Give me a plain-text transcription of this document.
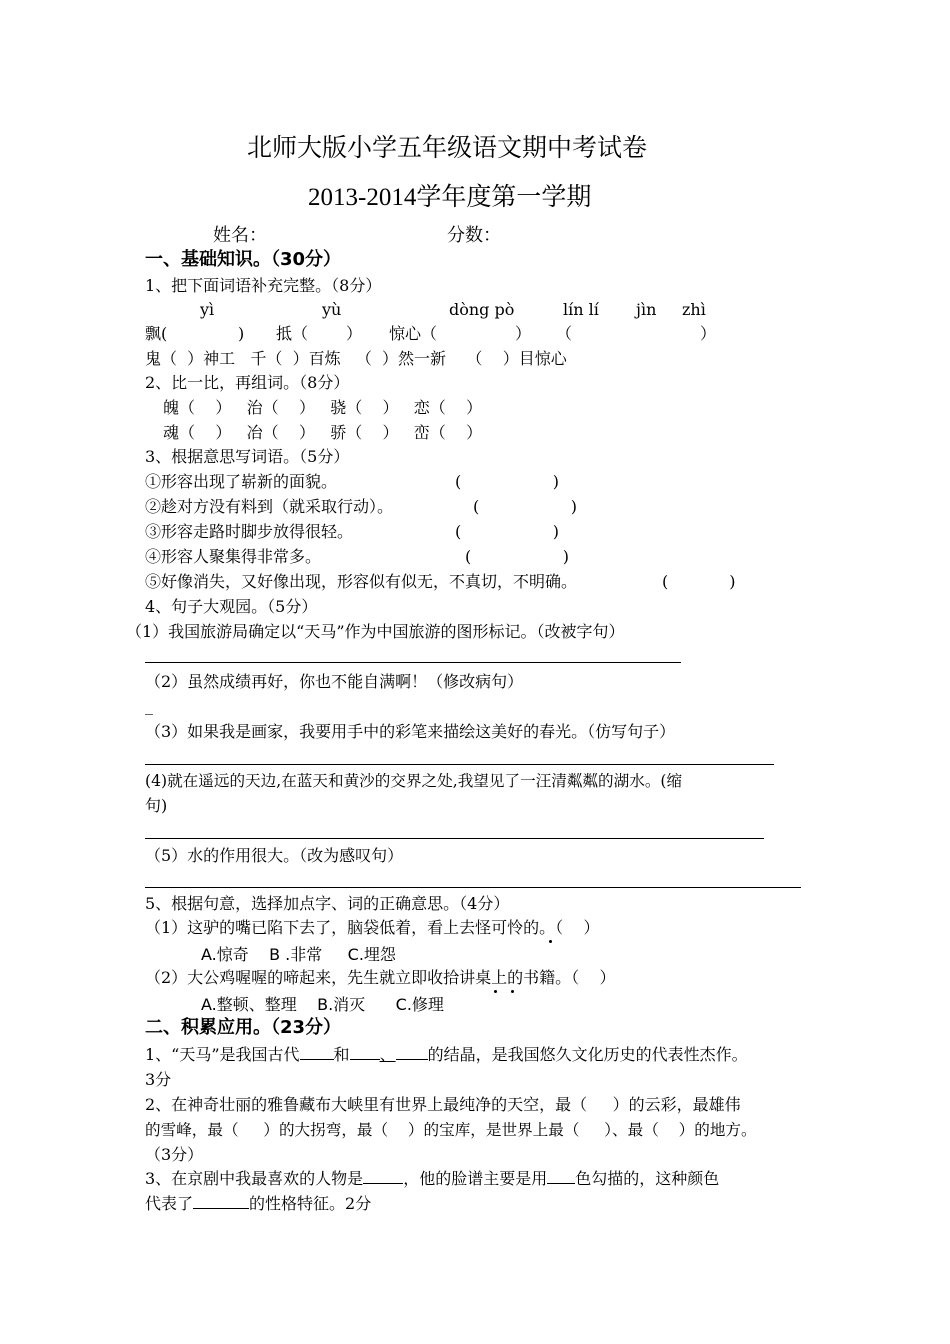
北师大版小学五年级语文期中考试卷
2013-2014学年度第一学期
姓名：	分数：
一、基础知识。（30分）
1、把下面词语补充完整。（8分）
yì	yù	dòng pò	lín lí jìn zhì
飘(	) 抵（ ） 惊心（	） （	）
鬼（  ）神工   千（  ）百炼   （  ）然一新    （    ）目惊心
2、比一比，再组词。（8分）
魄（    ）   治（    ）   骁（    ）   恋（    ）
魂（    ）   冶（    ）   骄（    ）   峦（    ）
3、根据意思写词语。（5分）
①形容出现了崭新的面貌。	(                  )
②趁对方没有料到（就采取行动）。	(                  )
③形容走路时脚步放得很轻。	(                  )
④形容人聚集得非常多。	(                  )
⑤好像消失，又好像出现，形容似有似无，不真切，不明确。	(            )
4、句子大观园。（5分）
（1）我国旅游局确定以“天马”作为中国旅游的图形标记。（改被字句）
（2）虽然成绩再好，你也不能自满啊！（修改病句）
_
（3）如果我是画家，我要用手中的彩笔来描绘这美好的春光。（仿写句子）
(4)就在遥远的天边,在蓝天和黄沙的交界之处,我望见了一汪清粼粼的湖水。(缩
句)
（5）水的作用很大。（改为感叹句）
5、根据句意，选择加点字、词的正确意思。（4分）
（1）这驴的嘴已陷下去了，脑袋低着，看上去怪可怜的。（    ）
A.惊奇    B .非常     C.埋怨
（2）大公鸡喔喔的啼起来，先生就立即收拾讲桌上的书籍。（    ）
A.整顿、整理    B.消灭      C.修理
二、积累应用。（23分）
1、“天马”是我国古代 和 、 的结晶，是我国悠久文化历史的代表性杰作。
3分
2、在神奇壮丽的雅鲁藏布大峡里有世界上最纯净的天空，最（     ）的云彩，最雄伟
的雪峰，最（     ）的大拐弯，最（    ）的宝库，是世界上最（     ）、最（    ）的地方。
（3分）
3、在京剧中我最喜欢的人物是	，他的脸谱主要是用 色勾描的，这种颜色
代表了	的性格特征。2分
